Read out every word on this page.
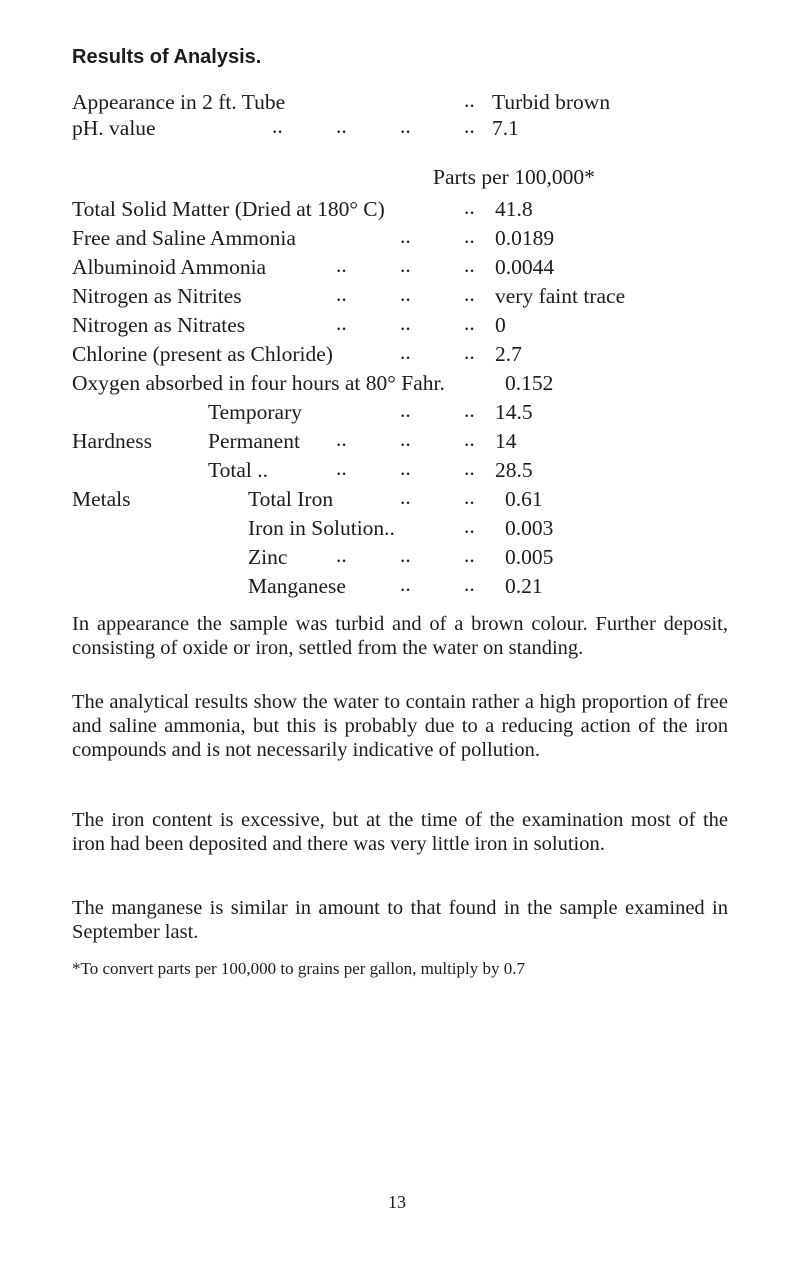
Results of Analysis.
Appearance in 2 ft. Tube	.. Turbid brown
pH. value	.. .. .. .. 7.1
Parts per 100,000*
Total Solid Matter (Dried at 180° C)	.. 41.8
Free and Saline Ammonia	.. .. 0.0189
Albuminoid Ammonia	.. .. .. 0.0044
Nitrogen as Nitrites	.. .. .. very faint trace
Nitrogen as Nitrates	.. .. .. 0
Chlorine (present as Chloride)	.. .. 2.7
Oxygen absorbed in four hours at 80° Fahr.	0.152
Hardness
Temporary	.. .. 14.5
Permanent .. .. .. 14
Total ..	.. .. .. 28.5
Metals	Total Iron	.. .. 0.61
Iron in Solution..	.. 0.003
Zinc .. .. .. 0.005
Manganese	.. .. 0.21

In appearance the sample was turbid and of a brown colour. Further deposit, consisting of oxide or iron, settled from the water on standing.

The analytical results show the water to contain rather a high proportion of free and saline ammonia, but this is probably due to a reducing action of the iron compounds and is not necessarily indicative of pollution.

The iron content is excessive, but at the time of the examination most of the iron had been deposited and there was very little iron in solution.

The manganese is similar in amount to that found in the sample examined in September last.

*To convert parts per 100,000 to grains per gallon, multiply by 0.7
13
